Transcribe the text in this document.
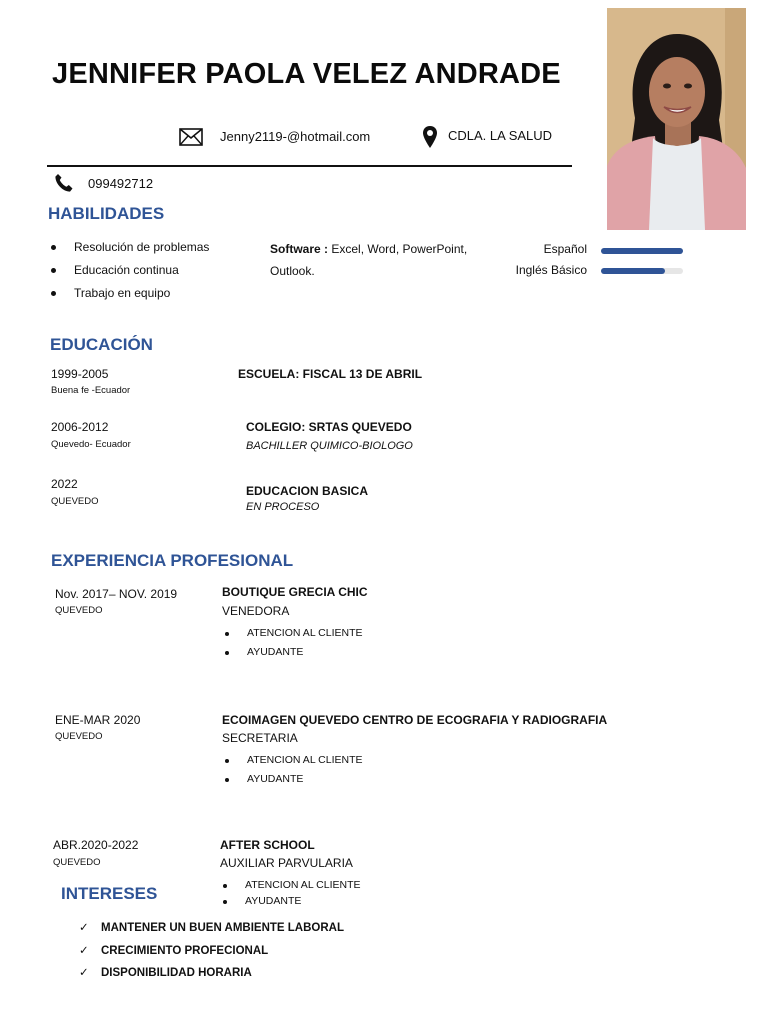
JENNIFER PAOLA VELEZ ANDRADE
Jenny2119-@hotmail.com	CDLA. LA SALUD
099492712
HABILIDADES
Resolución de problemas
Educación continua
Trabajo en equipo
Software : Excel, Word, PowerPoint,
Outlook.
Español
Inglés Básico
EDUCACIÓN
1999-2005
Buena fe -Ecuador
ESCUELA: FISCAL 13 DE ABRIL
2006-2012
Quevedo- Ecuador
COLEGIO: SRTAS QUEVEDO
BACHILLER QUIMICO-BIOLOGO
2022
QUEVEDO
EDUCACION BASICA
EN PROCESO
EXPERIENCIA PROFESIONAL
Nov. 2017– NOV. 2019
QUEVEDO
BOUTIQUE GRECIA CHIC
VENEDORA
ATENCION AL CLIENTE
AYUDANTE
ENE-MAR 2020
QUEVEDO
ECOIMAGEN QUEVEDO CENTRO DE ECOGRAFIA Y RADIOGRAFIA
SECRETARIA
ATENCION AL CLIENTE
AYUDANTE
ABR.2020-2022
QUEVEDO
AFTER SCHOOL
AUXILIAR PARVULARIA
ATENCION AL CLIENTE
AYUDANTE
INTERESES
✓ MANTENER UN BUEN AMBIENTE LABORAL
✓ CRECIMIENTO PROFECIONAL
✓ DISPONIBILIDAD HORARIA
